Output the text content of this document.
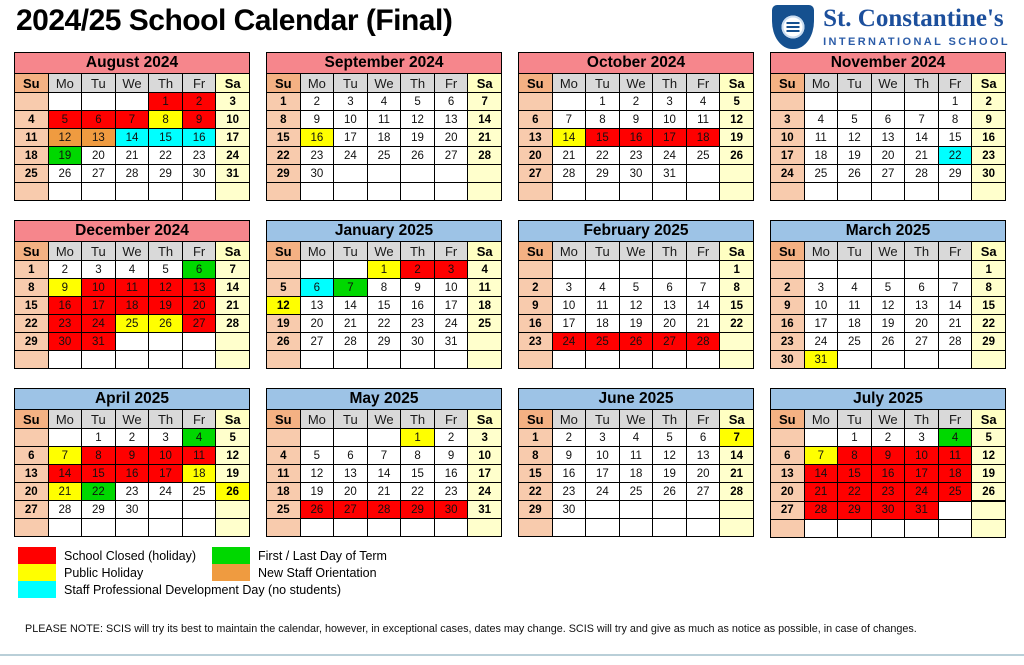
2024/25 School Calendar (Final)	St. Constantine's
INTERNATIONAL SCHOOL
August 2024
Su	Mo	Tu	We	Th	Fr	Sa
				1	2	3
4	5	6	7	8	9	10
11	12	13	14	15	16	17
18	19	20	21	22	23	24
25	26	27	28	29	30	31

September 2024
Su	Mo	Tu	We	Th	Fr	Sa
1	2	3	4	5	6	7
8	9	10	11	12	13	14
15	16	17	18	19	20	21
22	23	24	25	26	27	28
29	30					

October 2024
Su	Mo	Tu	We	Th	Fr	Sa
		1	2	3	4	5
6	7	8	9	10	11	12
13	14	15	16	17	18	19
20	21	22	23	24	25	26
27	28	29	30	31		

November 2024
Su	Mo	Tu	We	Th	Fr	Sa
					1	2
3	4	5	6	7	8	9
10	11	12	13	14	15	16
17	18	19	20	21	22	23
24	25	26	27	28	29	30

December 2024
Su	Mo	Tu	We	Th	Fr	Sa
1	2	3	4	5	6	7
8	9	10	11	12	13	14
15	16	17	18	19	20	21
22	23	24	25	26	27	28
29	30	31				

January 2025
Su	Mo	Tu	We	Th	Fr	Sa
			1	2	3	4
5	6	7	8	9	10	11
12	13	14	15	16	17	18
19	20	21	22	23	24	25
26	27	28	29	30	31	

February 2025
Su	Mo	Tu	We	Th	Fr	Sa
						1
2	3	4	5	6	7	8
9	10	11	12	13	14	15
16	17	18	19	20	21	22
23	24	25	26	27	28	

March 2025
Su	Mo	Tu	We	Th	Fr	Sa
						1
2	3	4	5	6	7	8
9	10	11	12	13	14	15
16	17	18	19	20	21	22
23	24	25	26	27	28	29
30	31					
April 2025
Su	Mo	Tu	We	Th	Fr	Sa
		1	2	3	4	5
6	7	8	9	10	11	12
13	14	15	16	17	18	19
20	21	22	23	24	25	26
27	28	29	30			

May 2025
Su	Mo	Tu	We	Th	Fr	Sa
				1	2	3
4	5	6	7	8	9	10
11	12	13	14	15	16	17
18	19	20	21	22	23	24
25	26	27	28	29	30	31

June 2025
Su	Mo	Tu	We	Th	Fr	Sa
1	2	3	4	5	6	7
8	9	10	11	12	13	14
15	16	17	18	19	20	21
22	23	24	25	26	27	28
29	30					

July 2025
Su	Mo	Tu	We	Th	Fr	Sa
		1	2	3	4	5
6	7	8	9	10	11	12
13	14	15	16	17	18	19
20	21	22	23	24	25	26
27	28	29	30	31		

School Closed (holiday)
Public Holiday
Staff Professional Development Day (no students)
First / Last Day of Term
New Staff Orientation
PLEASE NOTE: SCIS will try its best to maintain the calendar, however, in exceptional cases, dates may change. SCIS will try and give as much as notice as possible, in case of changes.
